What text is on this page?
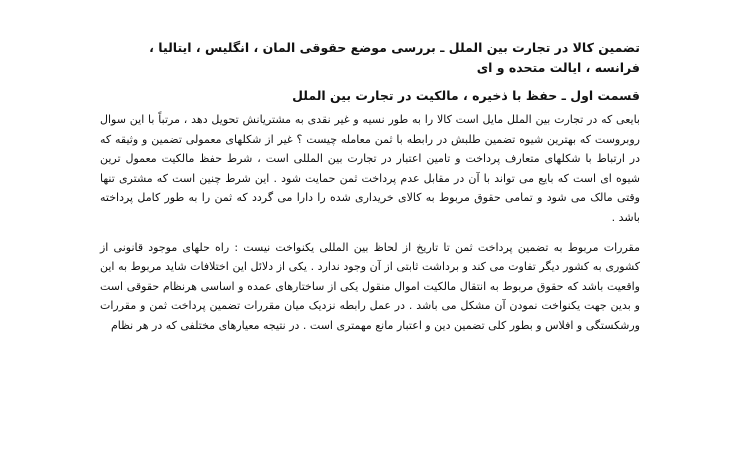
تضمین کالا در تجارت بین الملل ـ بررسی موضع حقوقی المان ، انگلیس ، ایتالیا ، فرانسه ، ایالت متحده و ای
قسمت اول ـ حفظ با ذخیره ، مالکیت در تجارت بین الملل

بایعی که در تجارت بین الملل مایل است کالا را به طور نسیه و غیر نقدی به مشتریانش تحویل دهد ، مرتباً با این سوال روبروست که بهترین شیوه تضمین طلبش در رابطه با ثمن معامله چیست ؟ غیر از شکلهای معمولی تضمین و وثیقه که در ارتباط با شکلهای متعارف پرداخت و تامین اعتبار در تجارت بین المللی است ، شرط حفظ مالکیت معمول ترین شیوه ای است که بایع می تواند با آن در مقابل عدم پرداخت ثمن حمایت شود . این شرط چنین است که مشتری تنها وقتی مالک می شود و تمامی حقوق مربوط به کالای خریداری شده را دارا می گردد که ثمن را به طور کامل پرداخته باشد .

مقررات مربوط به تضمین پرداخت ثمن تا تاریخ از لحاظ بین المللی یکنواخت نیست : راه حلهای موجود قانونی از کشوری به کشور دیگر تفاوت می کند و برداشت ثابتی از آن وجود ندارد . یکی از دلائل این اختلافات شاید مربوط به این واقعیت باشد که حقوق مربوط به انتقال مالکیت اموال منقول یکی از ساختارهای عمده و اساسی هرنظام حقوقی است و بدین جهت یکنواخت نمودن آن مشکل می باشد . در عمل رابطه نزدیک میان مقررات تضمین پرداخت ثمن و مقررات ورشکستگی و افلاس و بطور کلی تضمین دین و اعتبار مانع مهمتری است . در نتیجه معیارهای مختلفی که در هر نظام
